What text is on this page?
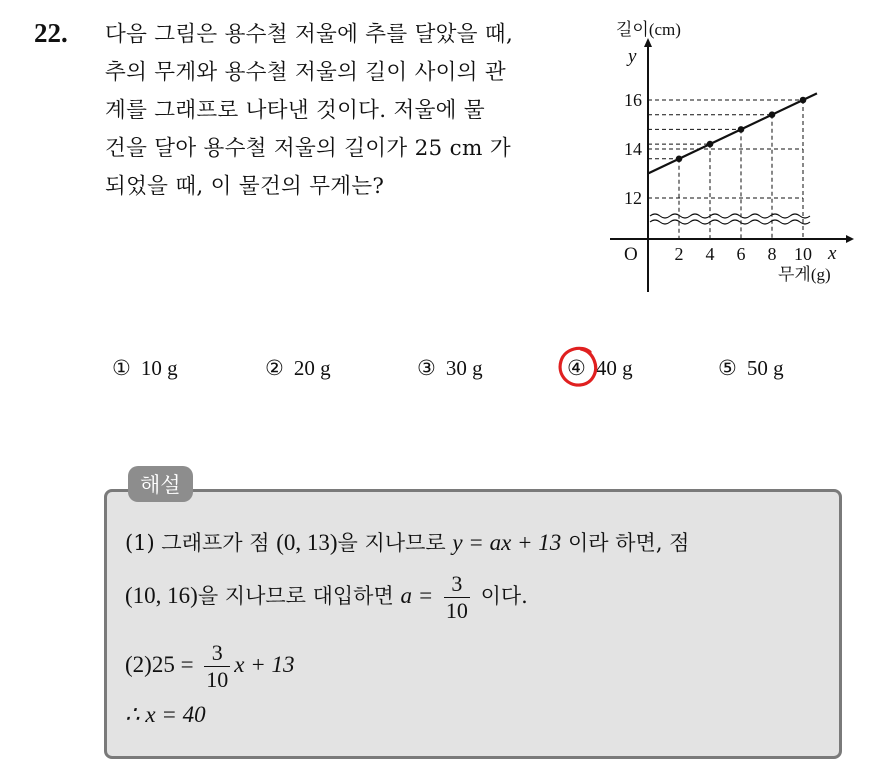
22. 다음 그림은 용수철 저울에 추를 달았을 때,
추의 무게와 용수철 저울의 길이 사이의 관
계를 그래프로 나타낸 것이다. 저울에 물
건을 달아 용수철 저울의 길이가 25 cm 가
되었을 때, 이 물건의 무게는?

2 4 6 8 10
12
14
16
길이(cm)
y
O	x
무게(g)
① 10 g	② 20 g	③ 30 g	④ 40 g	⑤ 50 g
해설
(1) 그래프가 점 (0, 13)을 지나므로 y = ax + 13 이라 하면, 점
(10, 16)을 지나므로 대입하면 $a = \frac{3}{10}$ 이다.
$(2)25 = \frac{3}{10}$ x + 13
∴ x = 40
